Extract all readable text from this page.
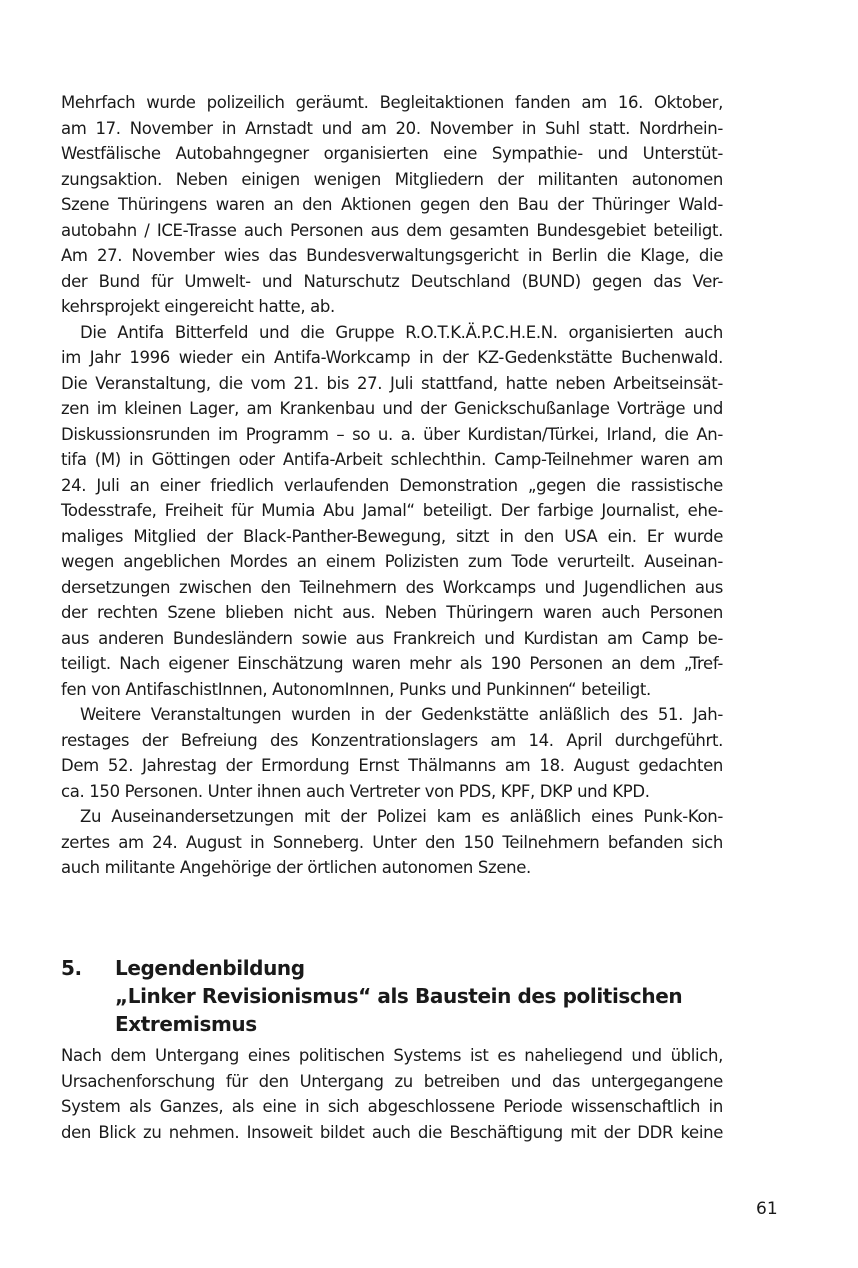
Mehrfach wurde polizeilich geräumt. Begleitaktionen fanden am 16. Oktober,
am 17. November in Arnstadt und am 20. November in Suhl statt. Nordrhein-
Westfälische Autobahngegner organisierten eine Sympathie- und Unterstüt-
zungsaktion. Neben einigen wenigen Mitgliedern der militanten autonomen
Szene Thüringens waren an den Aktionen gegen den Bau der Thüringer Wald-
autobahn / ICE-Trasse auch Personen aus dem gesamten Bundesgebiet beteiligt.
Am 27. November wies das Bundesverwaltungsgericht in Berlin die Klage, die
der Bund für Umwelt- und Naturschutz Deutschland (BUND) gegen das Ver-
kehrsprojekt eingereicht hatte, ab.
Die Antifa Bitterfeld und die Gruppe R.O.T.K.Ä.P.C.H.E.N. organisierten auch
im Jahr 1996 wieder ein Antifa-Workcamp in der KZ-Gedenkstätte Buchenwald.
Die Veranstaltung, die vom 21. bis 27. Juli stattfand, hatte neben Arbeitseinsät-
zen im kleinen Lager, am Krankenbau und der Genickschußanlage Vorträge und
Diskussionsrunden im Programm – so u. a. über Kurdistan/Türkei, Irland, die An-
tifa (M) in Göttingen oder Antifa-Arbeit schlechthin. Camp-Teilnehmer waren am
24. Juli an einer friedlich verlaufenden Demonstration „gegen die rassistische
Todesstrafe, Freiheit für Mumia Abu Jamal“ beteiligt. Der farbige Journalist, ehe-
maliges Mitglied der Black-Panther-Bewegung, sitzt in den USA ein. Er wurde
wegen angeblichen Mordes an einem Polizisten zum Tode verurteilt. Auseinan-
dersetzungen zwischen den Teilnehmern des Workcamps und Jugendlichen aus
der rechten Szene blieben nicht aus. Neben Thüringern waren auch Personen
aus anderen Bundesländern sowie aus Frankreich und Kurdistan am Camp be-
teiligt. Nach eigener Einschätzung waren mehr als 190 Personen an dem „Tref-
fen von AntifaschistInnen, AutonomInnen, Punks und Punkinnen“ beteiligt.
Weitere Veranstaltungen wurden in der Gedenkstätte anläßlich des 51. Jah-
restages der Befreiung des Konzentrationslagers am 14. April durchgeführt.
Dem 52. Jahrestag der Ermordung Ernst Thälmanns am 18. August gedachten
ca. 150 Personen. Unter ihnen auch Vertreter von PDS, KPF, DKP und KPD.
Zu Auseinandersetzungen mit der Polizei kam es anläßlich eines Punk-Kon-
zertes am 24. August in Sonneberg. Unter den 150 Teilnehmern befanden sich
auch militante Angehörige der örtlichen autonomen Szene.
5. Legendenbildung
„Linker Revisionismus“ als Baustein des politischen
Extremismus
Nach dem Untergang eines politischen Systems ist es naheliegend und üblich,
Ursachenforschung für den Untergang zu betreiben und das untergegangene
System als Ganzes, als eine in sich abgeschlossene Periode wissenschaftlich in
den Blick zu nehmen. Insoweit bildet auch die Beschäftigung mit der DDR keine
61
